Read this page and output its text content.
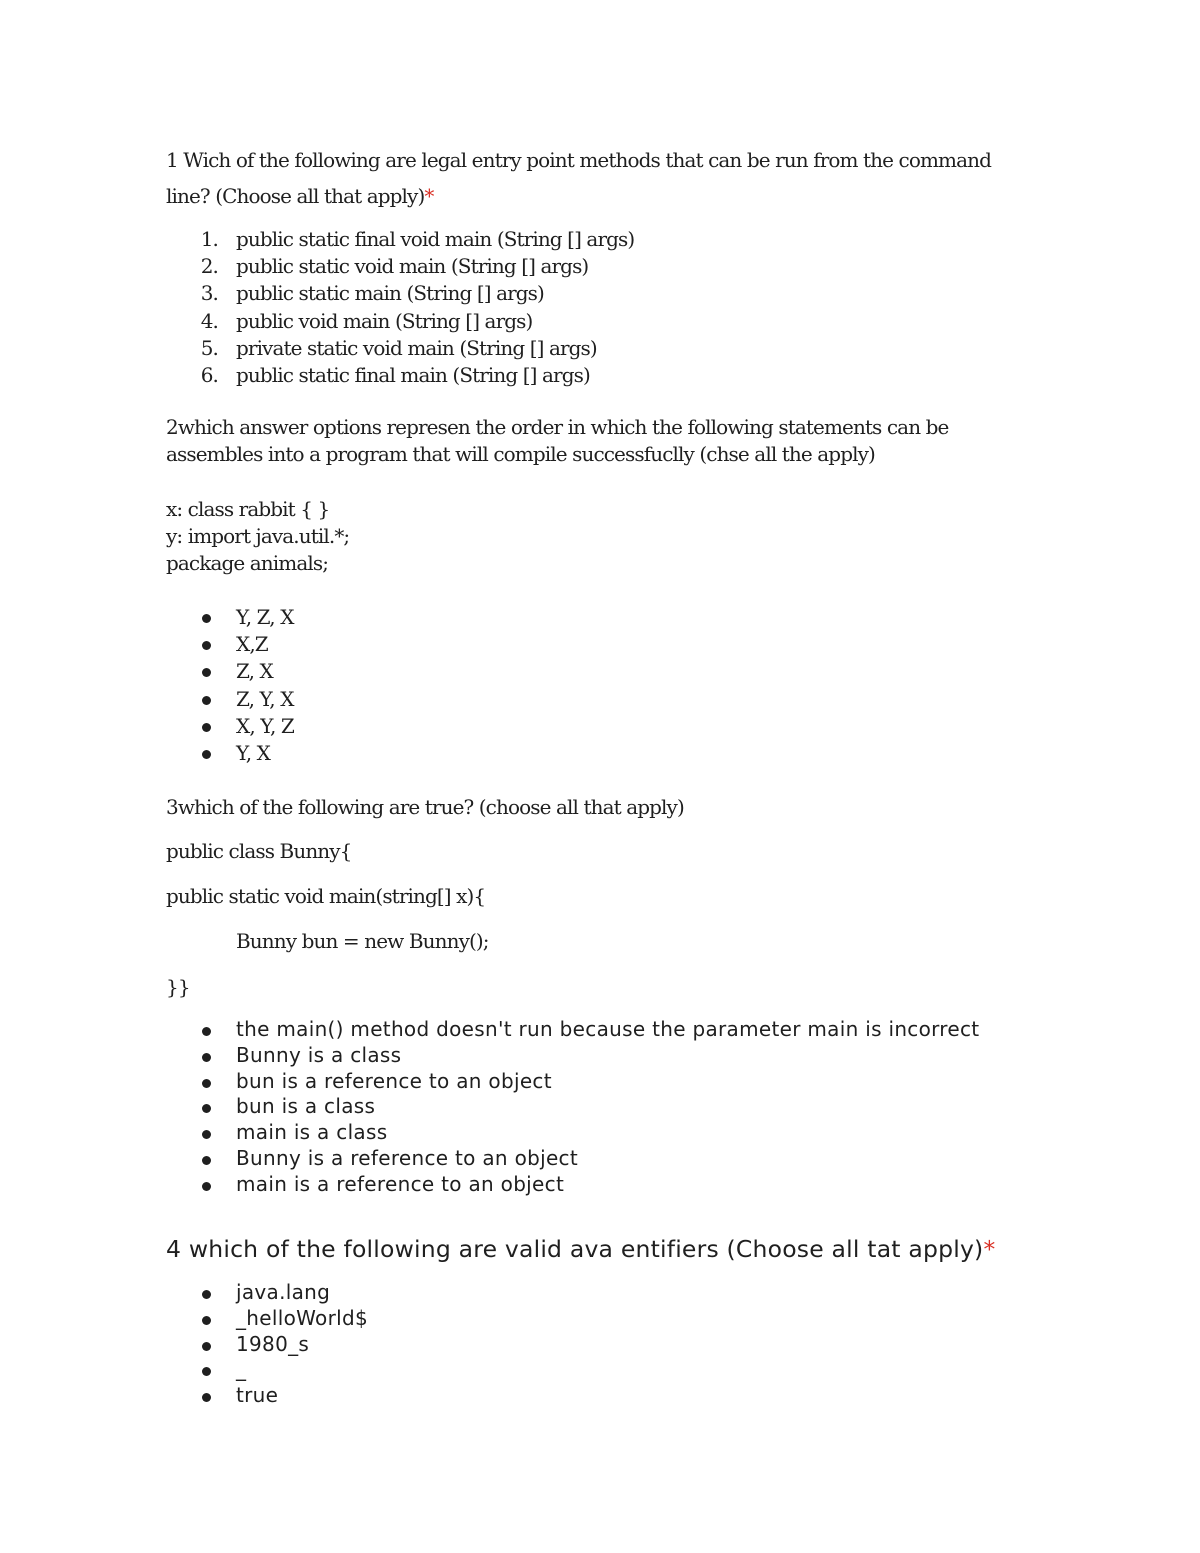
1 Wich of the following are legal entry point methods that can be run from the command

line? (Choose all that apply)*

1. public static final void main (String [] args)
2. public static void main (String [] args)
3. public static main (String [] args)
4. public void main (String [] args)
5. private static void main (String [] args)
6. public static final main (String [] args)

2which answer options represen the order in which the following statements can be

assembles into a program that will compile successfuclly (chse all the apply)

x: class rabbit { }

y: import java.util.*;

package animals;

Y, Z, X
X,Z
Z, X
Z, Y, X
X, Y, Z
Y, X

3which of the following are true? (choose all that apply)

public class Bunny{

public static void main(string[] x){

Bunny bun = new Bunny();

}}

the main() method doesn't run because the parameter main is incorrect
Bunny is a class
bun is a reference to an object
bun is a class
main is a class
Bunny is a reference to an object
main is a reference to an object

4 which of the following are valid ava entifiers (Choose all tat apply)*

java.lang
_helloWorld$
1980_s
_
true
